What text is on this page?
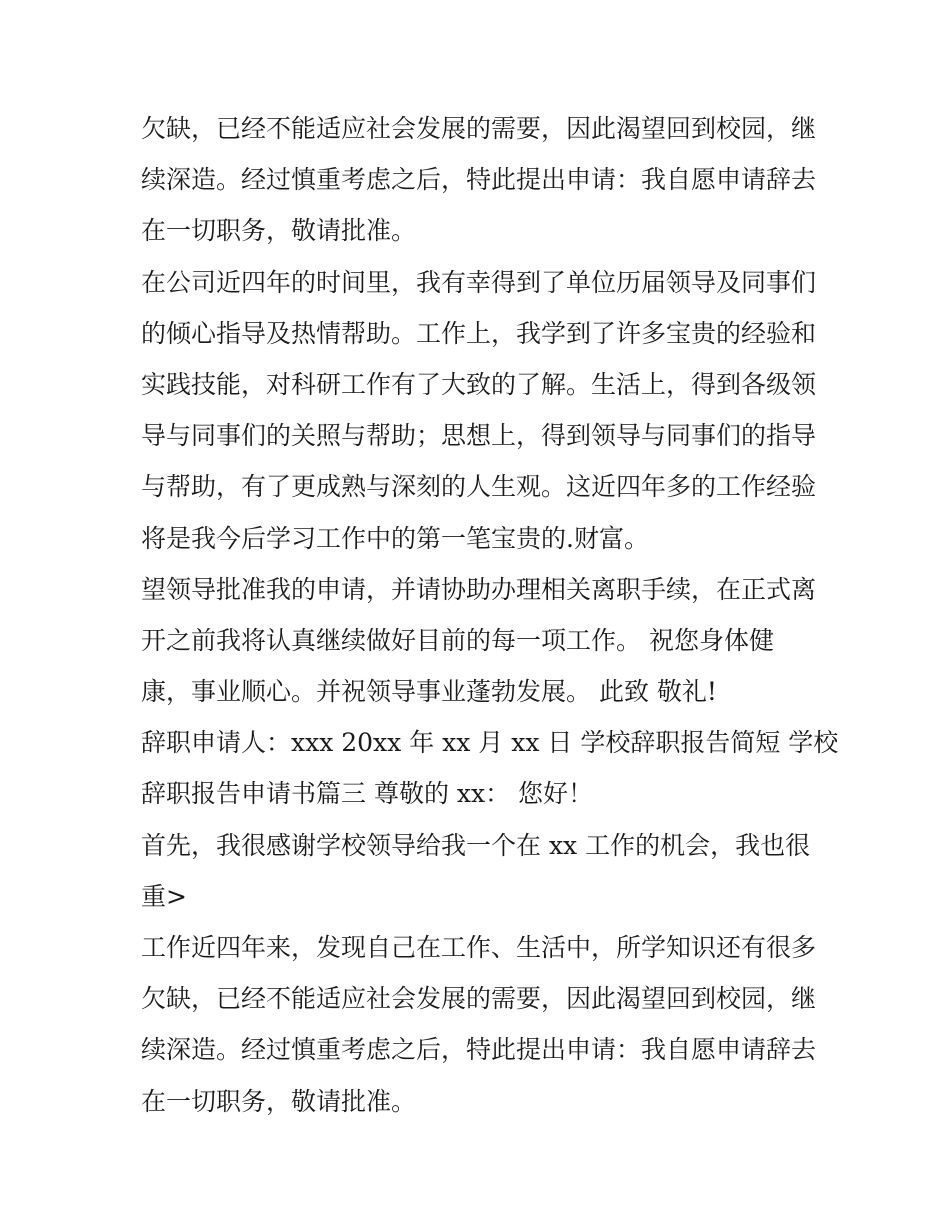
欠缺，已经不能适应社会发展的需要，因此渴望回到校园，继

续深造。经过慎重考虑之后，特此提出申请：我自愿申请辞去

在一切职务，敬请批准。

在公司近四年的时间里，我有幸得到了单位历届领导及同事们

的倾心指导及热情帮助。工作上，我学到了许多宝贵的经验和

实践技能，对科研工作有了大致的了解。生活上，得到各级领

导与同事们的关照与帮助；思想上，得到领导与同事们的指导

与帮助，有了更成熟与深刻的人生观。这近四年多的工作经验

将是我今后学习工作中的第一笔宝贵的.财富。

望领导批准我的申请，并请协助办理相关离职手续，在正式离

开之前我将认真继续做好目前的每一项工作。 祝您身体健

康，事业顺心。并祝领导事业蓬勃发展。 此致 敬礼!

辞职申请人：xxx 20xx 年 xx 月 xx 日 学校辞职报告简短 学校

辞职报告申请书篇三 尊敬的 xx： 您好！

首先，我很感谢学校领导给我一个在 xx 工作的机会，我也很

重>

工作近四年来，发现自己在工作、生活中，所学知识还有很多

欠缺，已经不能适应社会发展的需要，因此渴望回到校园，继

续深造。经过慎重考虑之后，特此提出申请：我自愿申请辞去

在一切职务，敬请批准。
